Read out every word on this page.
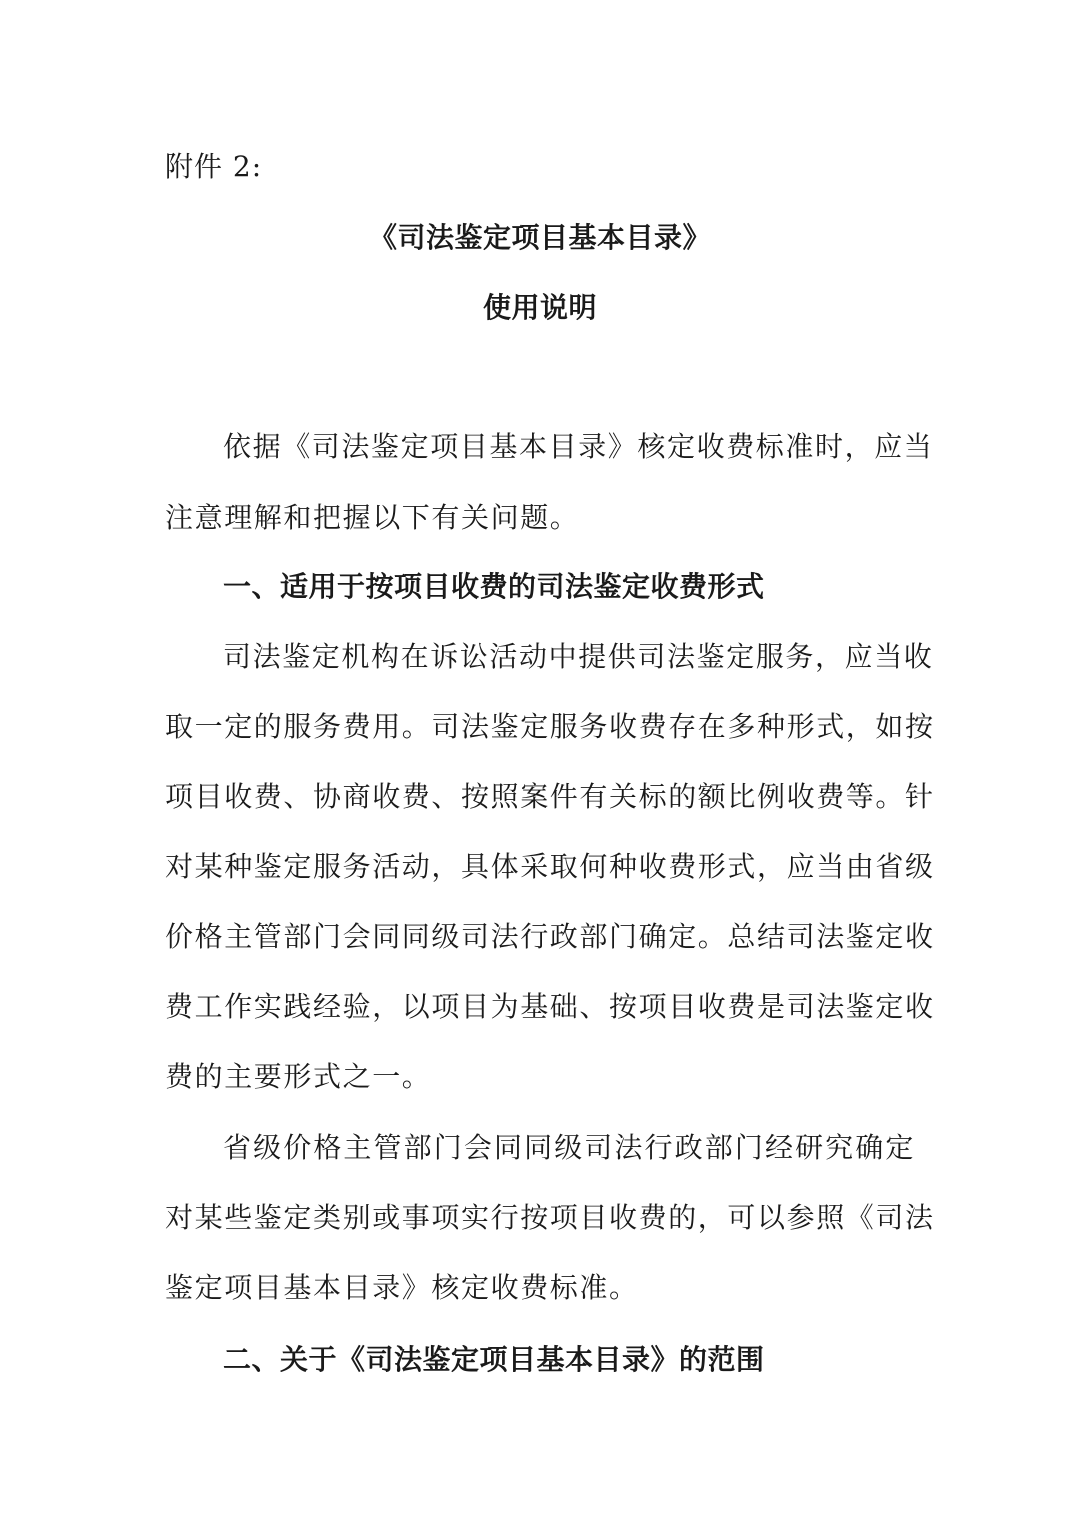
附件 2:
《司法鉴定项目基本目录》
使用说明
依据《司法鉴定项目基本目录》核定收费标准时，应当
注意理解和把握以下有关问题。
一、适用于按项目收费的司法鉴定收费形式
司法鉴定机构在诉讼活动中提供司法鉴定服务，应当收
取一定的服务费用。司法鉴定服务收费存在多种形式，如按
项目收费、协商收费、按照案件有关标的额比例收费等。针
对某种鉴定服务活动，具体采取何种收费形式，应当由省级
价格主管部门会同同级司法行政部门确定。总结司法鉴定收
费工作实践经验，以项目为基础、按项目收费是司法鉴定收
费的主要形式之一。
省级价格主管部门会同同级司法行政部门经研究确定
对某些鉴定类别或事项实行按项目收费的，可以参照《司法
鉴定项目基本目录》核定收费标准。
二、关于《司法鉴定项目基本目录》的范围
